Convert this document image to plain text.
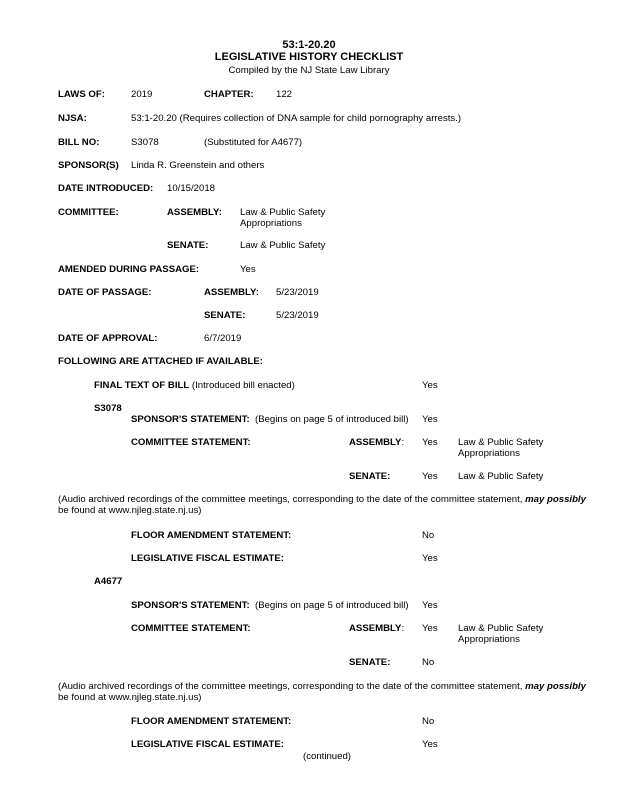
53:1-20.20
LEGISLATIVE HISTORY CHECKLIST
Compiled by the NJ State Law Library
LAWS OF:	2019	CHAPTER: 122
NJSA:	53:1-20.20 (Requires collection of DNA sample for child pornography arrests.)
BILL NO:	S3078	(Substituted for A4677)
SPONSOR(S) Linda R. Greenstein and others
DATE INTRODUCED: 10/15/2018
COMMITTEE:	ASSEMBLY: Law & Public Safety
Appropriations
SENATE:	Law & Public Safety
AMENDED DURING PASSAGE:	Yes
DATE OF PASSAGE:	ASSEMBLY: 5/23/2019
SENATE:	5/23/2019
DATE OF APPROVAL:	6/7/2019
FOLLOWING ARE ATTACHED IF AVAILABLE:
FINAL TEXT OF BILL (Introduced bill enacted)	Yes
S3078
SPONSOR'S STATEMENT: (Begins on page 5 of introduced bill) Yes
COMMITTEE STATEMENT:	ASSEMBLY: Yes Law & Public Safety
Appropriations
SENATE:	Yes Law & Public Safety
(Audio archived recordings of the committee meetings, corresponding to the date of the committee statement, may possibly
be found at www.njleg.state.nj.us)
FLOOR AMENDMENT STATEMENT:	No
LEGISLATIVE FISCAL ESTIMATE:	Yes
A4677
SPONSOR'S STATEMENT: (Begins on page 5 of introduced bill) Yes
COMMITTEE STATEMENT:	ASSEMBLY: Yes Law & Public Safety
Appropriations
SENATE:	No
(Audio archived recordings of the committee meetings, corresponding to the date of the committee statement, may possibly
be found at www.njleg.state.nj.us)
FLOOR AMENDMENT STATEMENT:	No
LEGISLATIVE FISCAL ESTIMATE:	Yes
(continued)
